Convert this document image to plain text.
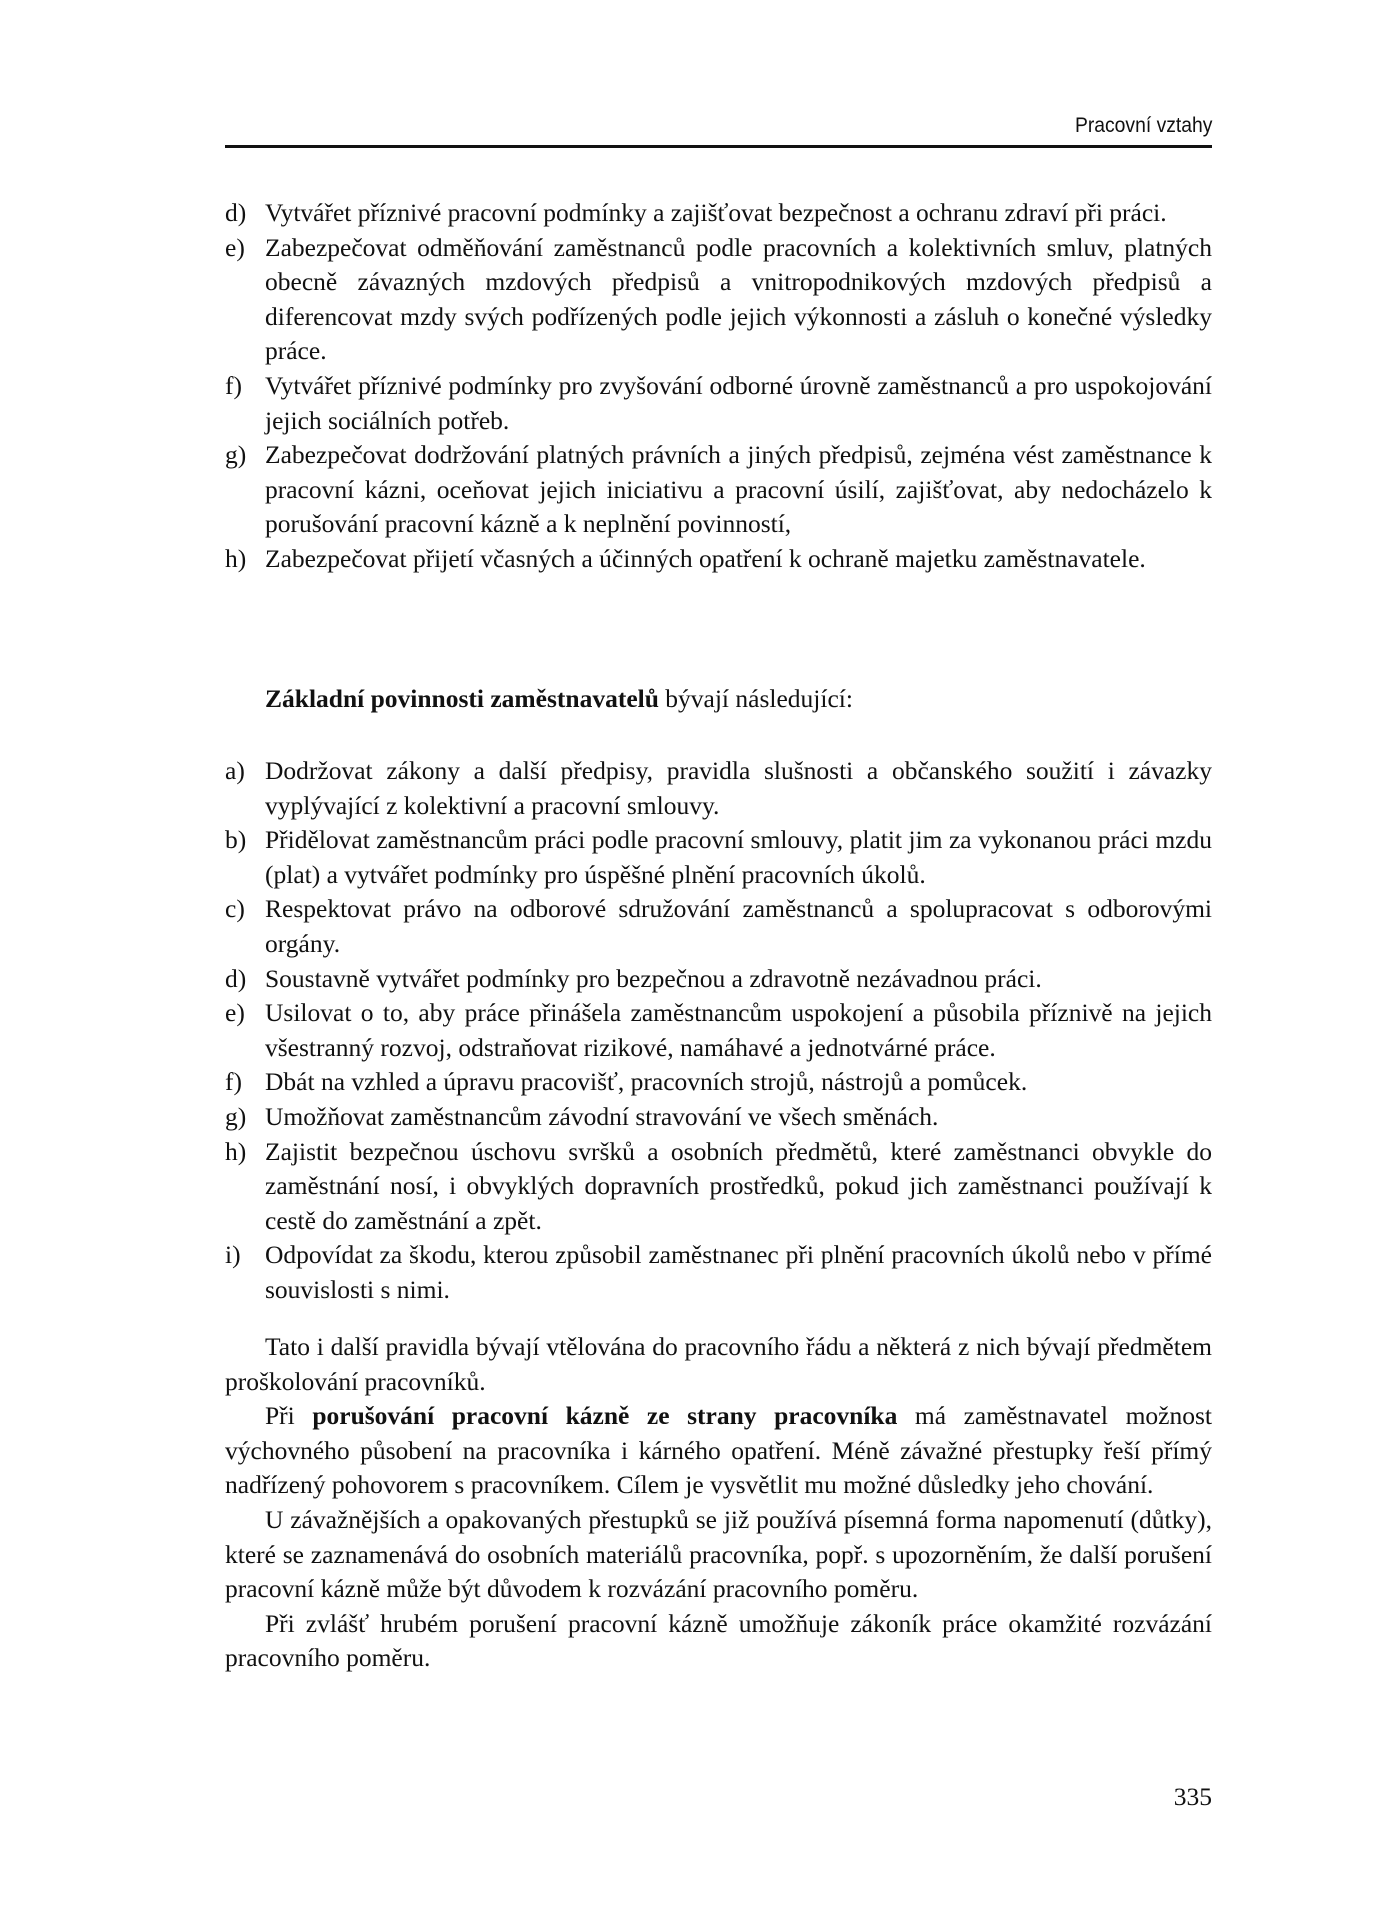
Pracovní vztahy
d) Vytvářet příznivé pracovní podmínky a zajišťovat bezpečnost a ochranu zdraví při práci.
e) Zabezpečovat odměňování zaměstnanců podle pracovních a kolektivních smluv, platných obecně závazných mzdových předpisů a vnitropodnikových mzdových předpisů a diferencovat mzdy svých podřízených podle jejich výkonnosti a zásluh o konečné výsledky práce.
f) Vytvářet příznivé podmínky pro zvyšování odborné úrovně zaměstnanců a pro uspokojování jejich sociálních potřeb.
g) Zabezpečovat dodržování platných právních a jiných předpisů, zejména vést zaměstnance k pracovní kázni, oceňovat jejich iniciativu a pracovní úsilí, zajišťovat, aby nedocházelo k porušování pracovní kázně a k neplnění povinností,
h) Zabezpečovat přijetí včasných a účinných opatření k ochraně majetku zaměstnavatele.

Základní povinnosti zaměstnavatelů bývají následující:

a) Dodržovat zákony a další předpisy, pravidla slušnosti a občanského soužití i závazky vyplývající z kolektivní a pracovní smlouvy.
b) Přidělovat zaměstnancům práci podle pracovní smlouvy, platit jim za vykonanou práci mzdu (plat) a vytvářet podmínky pro úspěšné plnění pracovních úkolů.
c) Respektovat právo na odborové sdružování zaměstnanců a spolupracovat s odborovými orgány.
d) Soustavně vytvářet podmínky pro bezpečnou a zdravotně nezávadnou práci.
e) Usilovat o to, aby práce přinášela zaměstnancům uspokojení a působila příznivě na jejich všestranný rozvoj, odstraňovat rizikové, namáhavé a jednotvárné práce.
f) Dbát na vzhled a úpravu pracovišť, pracovních strojů, nástrojů a pomůcek.
g) Umožňovat zaměstnancům závodní stravování ve všech směnách.
h) Zajistit bezpečnou úschovu svršků a osobních předmětů, které zaměstnanci obvykle do zaměstnání nosí, i obvyklých dopravních prostředků, pokud jich zaměstnanci používají k cestě do zaměstnání a zpět.
i) Odpovídat za škodu, kterou způsobil zaměstnanec při plnění pracovních úkolů nebo v přímé souvislosti s nimi.

Tato i další pravidla bývají vtělována do pracovního řádu a některá z nich bývají předmětem proškolování pracovníků.

Při porušování pracovní kázně ze strany pracovníka má zaměstnavatel možnost výchovného působení na pracovníka i kárného opatření. Méně závažné přestupky řeší přímý nadřízený pohovorem s pracovníkem. Cílem je vysvětlit mu možné důsledky jeho chování.

U závažnějších a opakovaných přestupků se již používá písemná forma napomenutí (důtky), které se zaznamenává do osobních materiálů pracovníka, popř. s upozorněním, že další porušení pracovní kázně může být důvodem k rozvázání pracovního poměru.

Při zvlášť hrubém porušení pracovní kázně umožňuje zákoník práce okamžité rozvázání pracovního poměru.

335
